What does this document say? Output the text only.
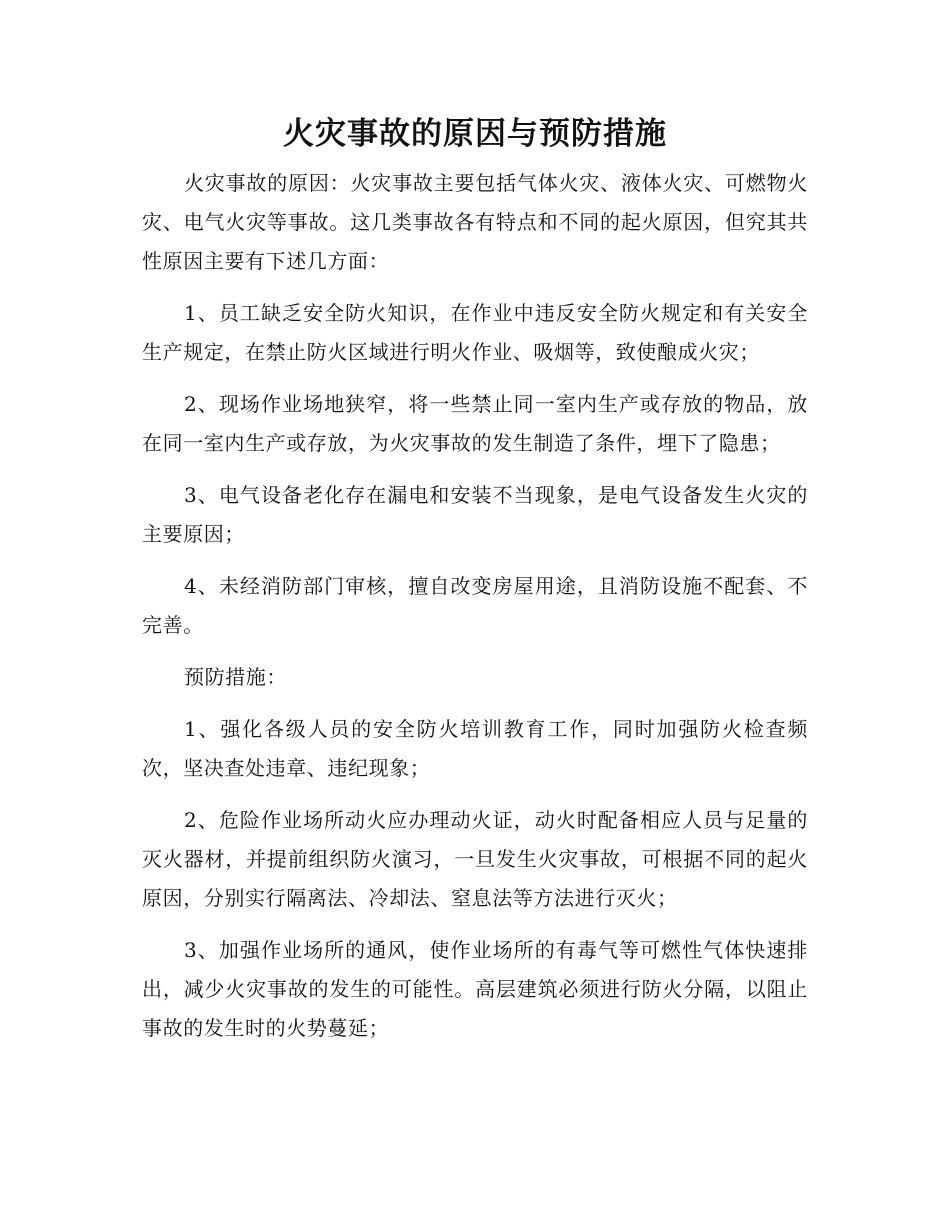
火灾事故的原因与预防措施

火灾事故的原因：火灾事故主要包括气体火灾、液体火灾、可燃物火灾、电气火灾等事故。这几类事故各有特点和不同的起火原因，但究其共性原因主要有下述几方面：

1、员工缺乏安全防火知识，在作业中违反安全防火规定和有关安全生产规定，在禁止防火区域进行明火作业、吸烟等，致使酿成火灾；

2、现场作业场地狭窄，将一些禁止同一室内生产或存放的物品，放在同一室内生产或存放，为火灾事故的发生制造了条件，埋下了隐患；

3、电气设备老化存在漏电和安装不当现象，是电气设备发生火灾的主要原因；

4、未经消防部门审核，擅自改变房屋用途，且消防设施不配套、不完善。

预防措施：

1、强化各级人员的安全防火培训教育工作，同时加强防火检查频次，坚决查处违章、违纪现象；

2、危险作业场所动火应办理动火证，动火时配备相应人员与足量的灭火器材，并提前组织防火演习，一旦发生火灾事故，可根据不同的起火原因，分别实行隔离法、冷却法、窒息法等方法进行灭火；

3、加强作业场所的通风，使作业场所的有毒气等可燃性气体快速排出，减少火灾事故的发生的可能性。高层建筑必须进行防火分隔，以阻止事故的发生时的火势蔓延；
